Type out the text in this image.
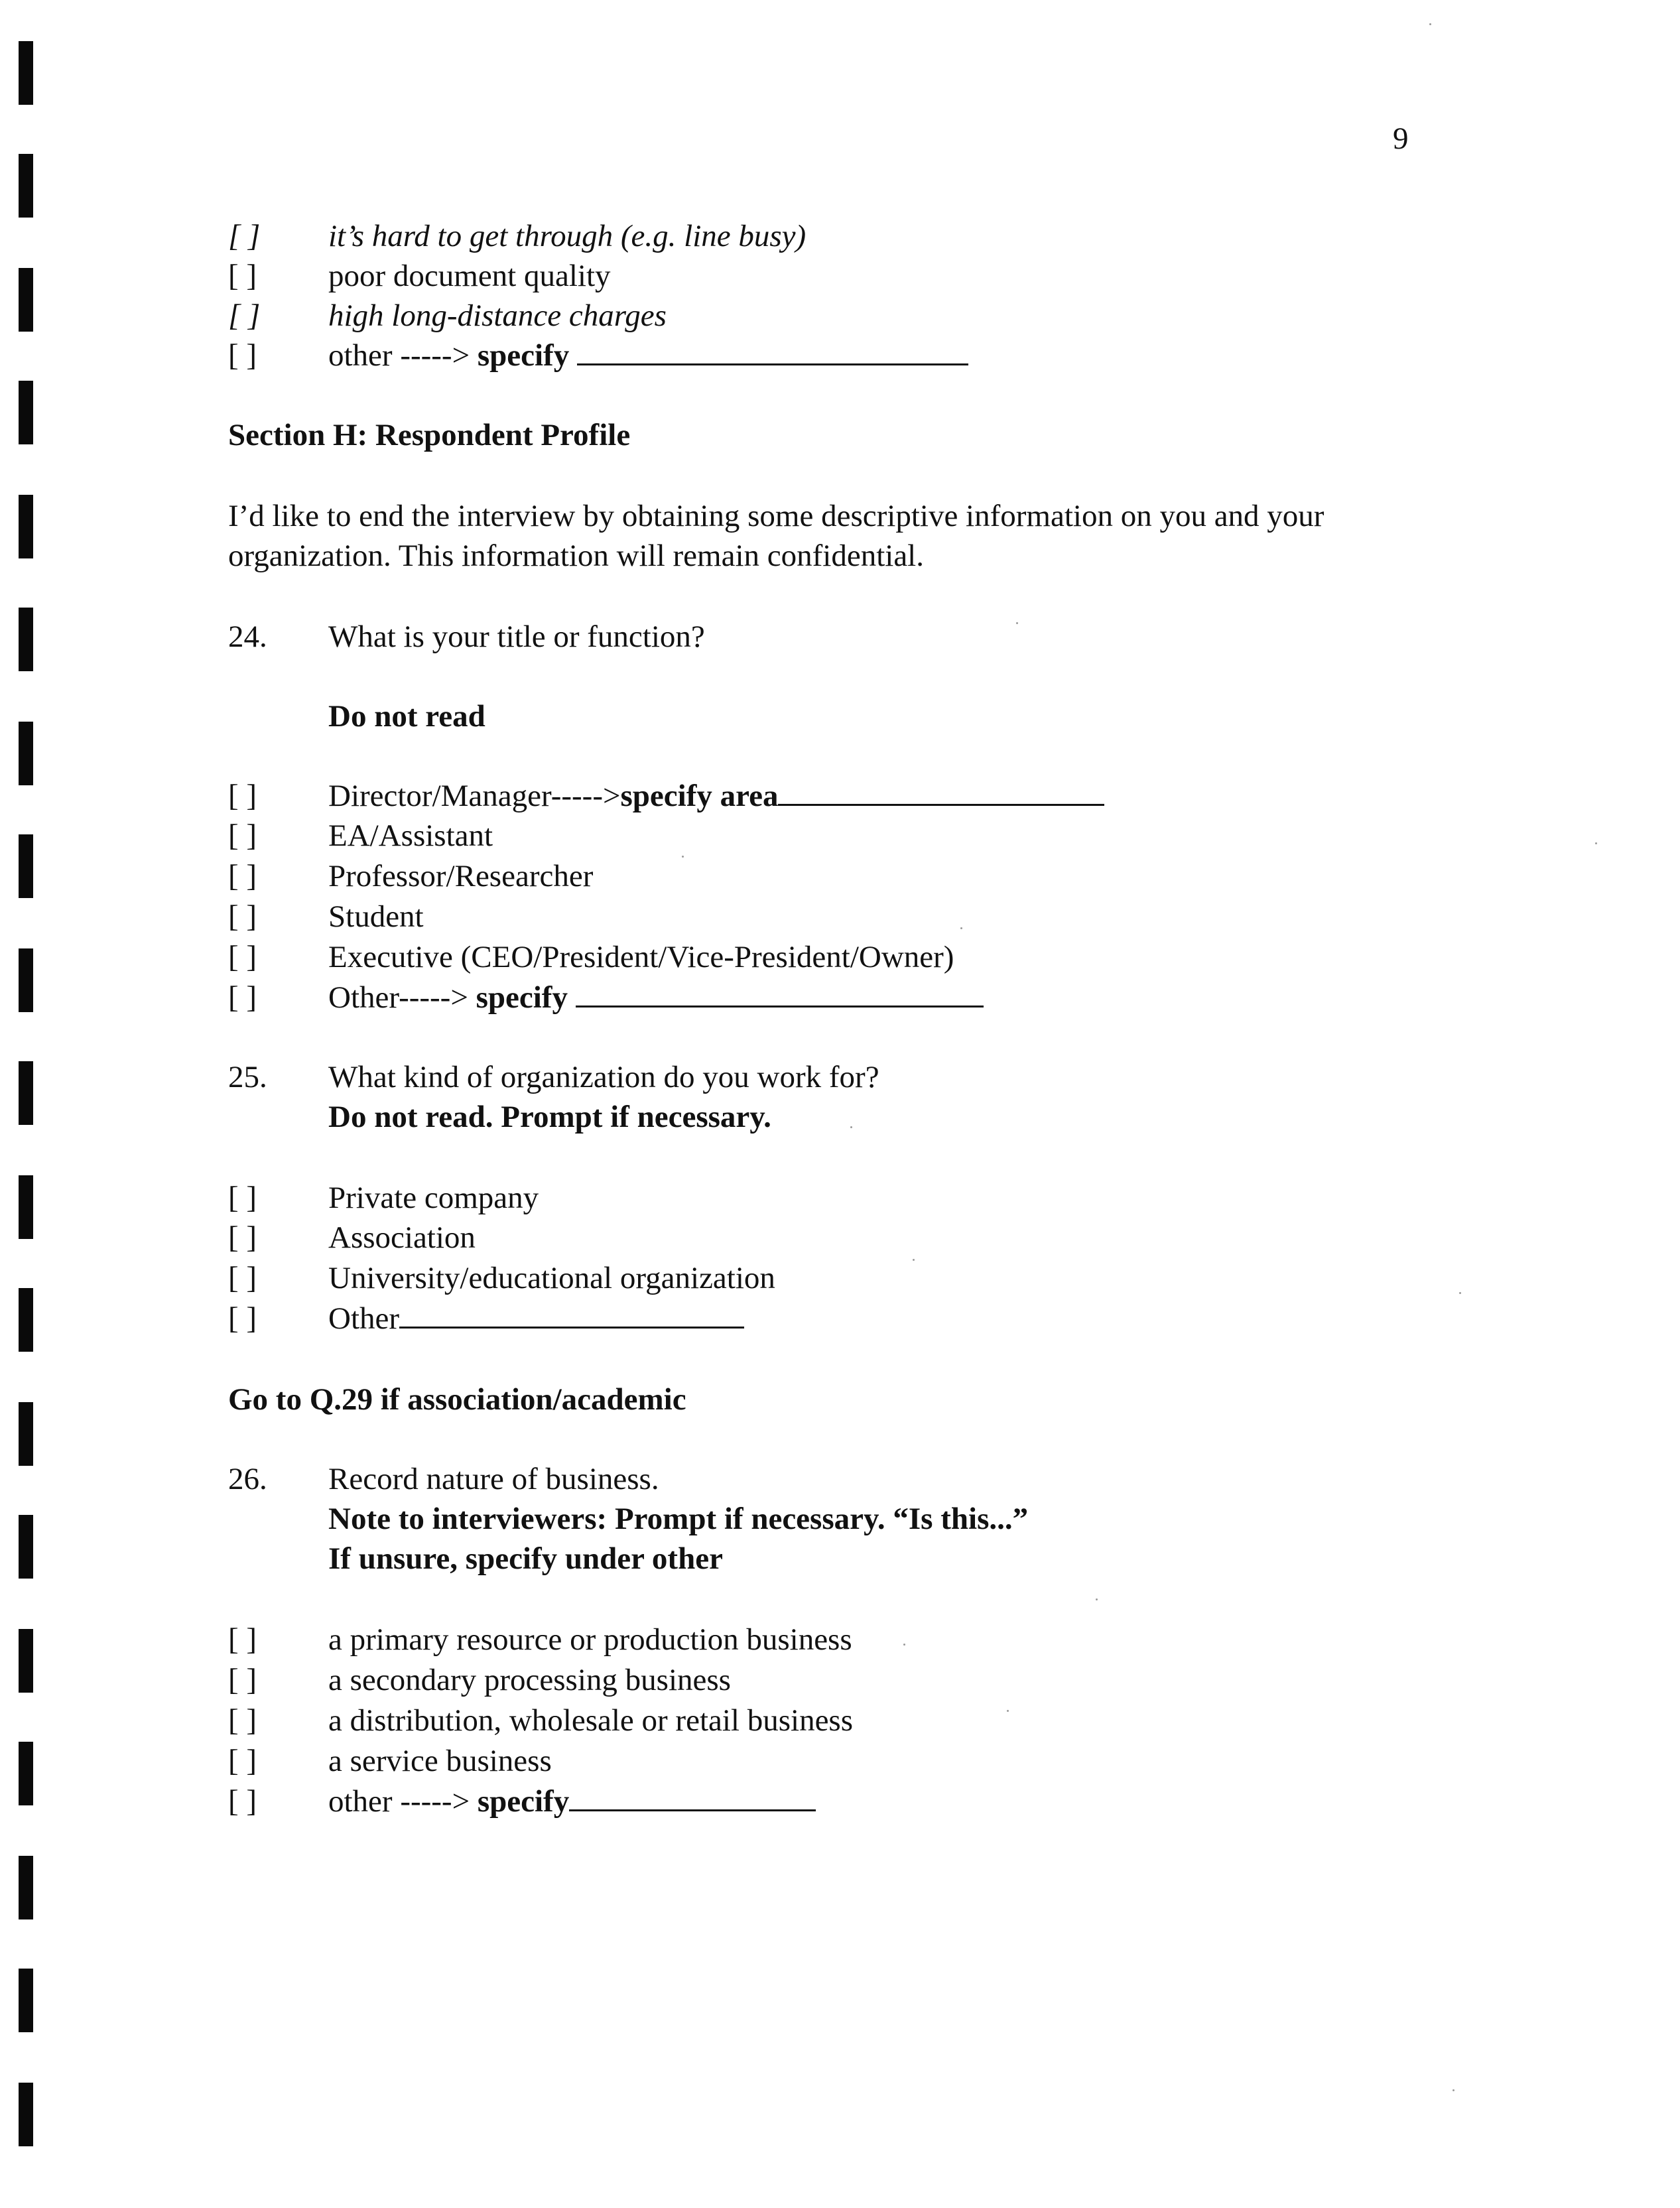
9
[ ] it’s hard to get through (e.g. line busy)
[ ] poor document quality
[ ] high long-distance charges
[ ] other -----> specify
Section H: Respondent Profile
I’d like to end the interview by obtaining some descriptive information on you and your
organization. This information will remain confidential.
24. What is your title or function?
Do not read
[ ] Director/Manager----->specify area
[ ] EA/Assistant
[ ] Professor/Researcher
[ ] Student
[ ] Executive (CEO/President/Vice-President/Owner)
[ ] Other-----> specify
25. What kind of organization do you work for?
Do not read. Prompt if necessary.
[ ] Private company
[ ] Association
[ ] University/educational organization
[ ] Other
Go to Q.29 if association/academic
26. Record nature of business.
Note to interviewers: Prompt if necessary. “Is this...”
If unsure, specify under other
[ ] a primary resource or production business
[ ] a secondary processing business
[ ] a distribution, wholesale or retail business
[ ] a service business
[ ] other -----> specify
